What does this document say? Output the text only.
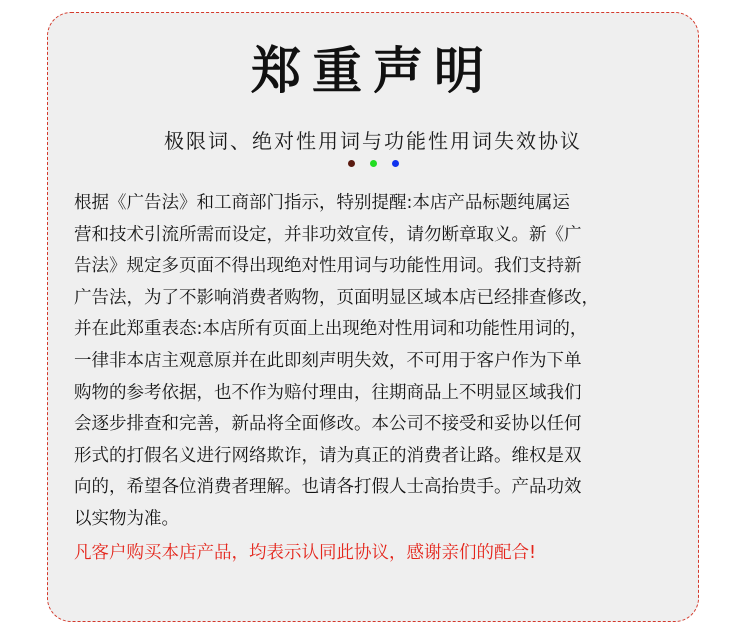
郑重声明
极限词、绝对性用词与功能性用词失效协议
根据《广告法》和工商部门指示，特别提醒:本店产品标题纯属运
营和技术引流所需而设定，并非功效宣传，请勿断章取义。新《广
告法》规定多页面不得出现绝对性用词与功能性用词。我们支持新
广告法，为了不影响消费者购物，页面明显区域本店已经排查修改，
并在此郑重表态:本店所有页面上出现绝对性用词和功能性用词的，
一律非本店主观意原并在此即刻声明失效，不可用于客户作为下单
购物的参考依据，也不作为赔付理由，往期商品上不明显区域我们
会逐步排查和完善，新品将全面修改。本公司不接受和妥协以任何
形式的打假名义进行网络欺诈，请为真正的消费者让路。维权是双
向的，希望各位消费者理解。也请各打假人士高抬贵手。产品功效
以实物为准。
凡客户购买本店产品，均表示认同此协议，感谢亲们的配合!
